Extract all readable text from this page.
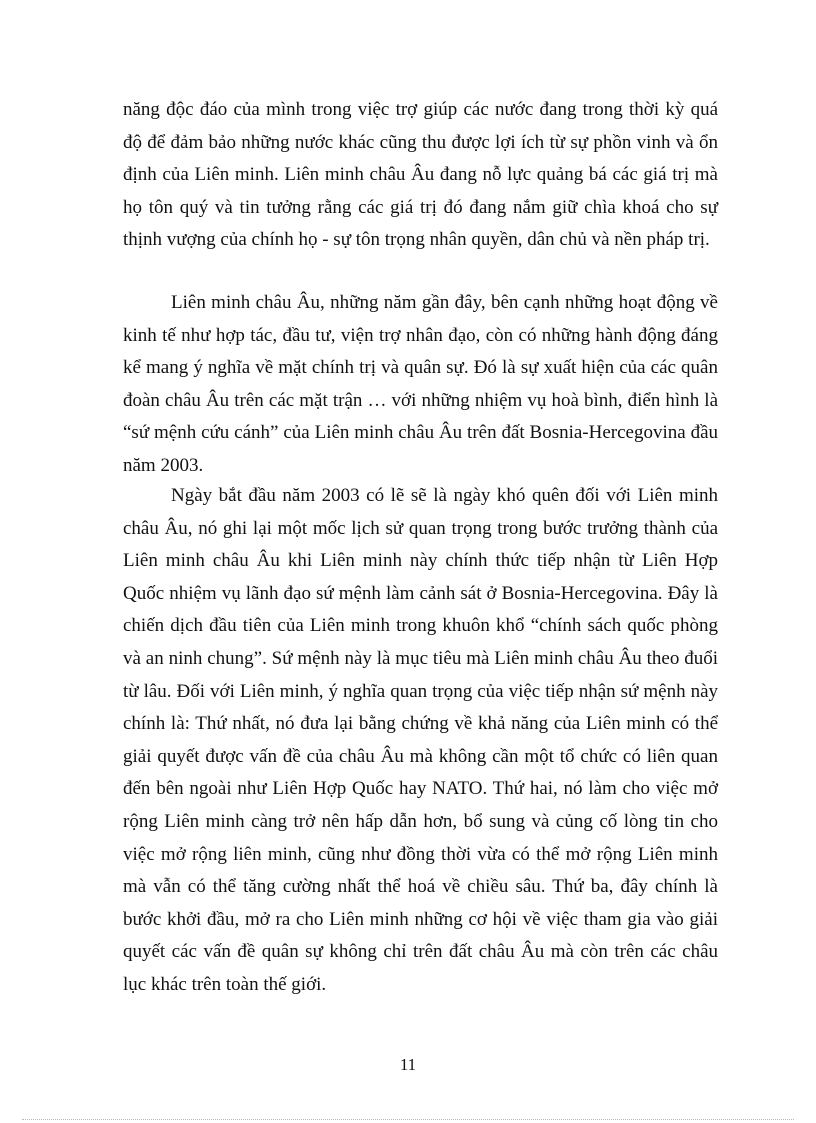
năng độc đáo của mình trong việc trợ giúp các nước đang trong thời kỳ quá độ để đảm bảo những nước khác cũng thu được lợi ích từ sự phồn vinh và ổn định của Liên minh. Liên minh châu Âu đang nỗ lực quảng bá các giá trị mà họ tôn quý và tin tưởng rằng các giá trị đó đang nắm giữ chìa khoá cho sự thịnh vượng của chính họ - sự tôn trọng nhân quyền, dân chủ và nền pháp trị.

Liên minh châu Âu, những năm gần đây, bên cạnh những hoạt động về kinh tế như hợp tác, đầu tư, viện trợ nhân đạo, còn có những hành động đáng kể mang ý nghĩa về mặt chính trị và quân sự. Đó là sự xuất hiện của các quân đoàn châu Âu trên các mặt trận … với những nhiệm vụ hoà bình, điển hình là “sứ mệnh cứu cánh” của Liên minh châu Âu trên đất Bosnia-Hercegovina đầu năm 2003.

Ngày bắt đầu năm 2003 có lẽ sẽ là ngày khó quên đối với Liên minh châu Âu, nó ghi lại một mốc lịch sử quan trọng trong bước trưởng thành của Liên minh châu Âu khi Liên minh này chính thức tiếp nhận từ Liên Hợp Quốc nhiệm vụ lãnh đạo sứ mệnh làm cảnh sát ở Bosnia-Hercegovina. Đây là chiến dịch đầu tiên của Liên minh trong khuôn khổ “chính sách quốc phòng và an ninh chung”. Sứ mệnh này là mục tiêu mà Liên minh châu Âu theo đuổi từ lâu. Đối với Liên minh, ý nghĩa quan trọng của việc tiếp nhận sứ mệnh này chính là: Thứ nhất, nó đưa lại bằng chứng về khả năng của Liên minh có thể giải quyết được vấn đề của châu Âu mà không cần một tổ chức có liên quan đến bên ngoài như Liên Hợp Quốc hay NATO. Thứ hai, nó làm cho việc mở rộng Liên minh càng trở nên hấp dẫn hơn, bổ sung và củng cố lòng tin cho việc mở rộng liên minh, cũng như đồng thời vừa có thể mở rộng Liên minh mà vẫn có thể tăng cường nhất thể hoá về chiều sâu. Thứ ba, đây chính là bước khởi đầu, mở ra cho Liên minh những cơ hội về việc tham gia vào giải quyết các vấn đề quân sự không chỉ trên đất châu Âu mà còn trên các châu lục khác trên toàn thế giới.

11
